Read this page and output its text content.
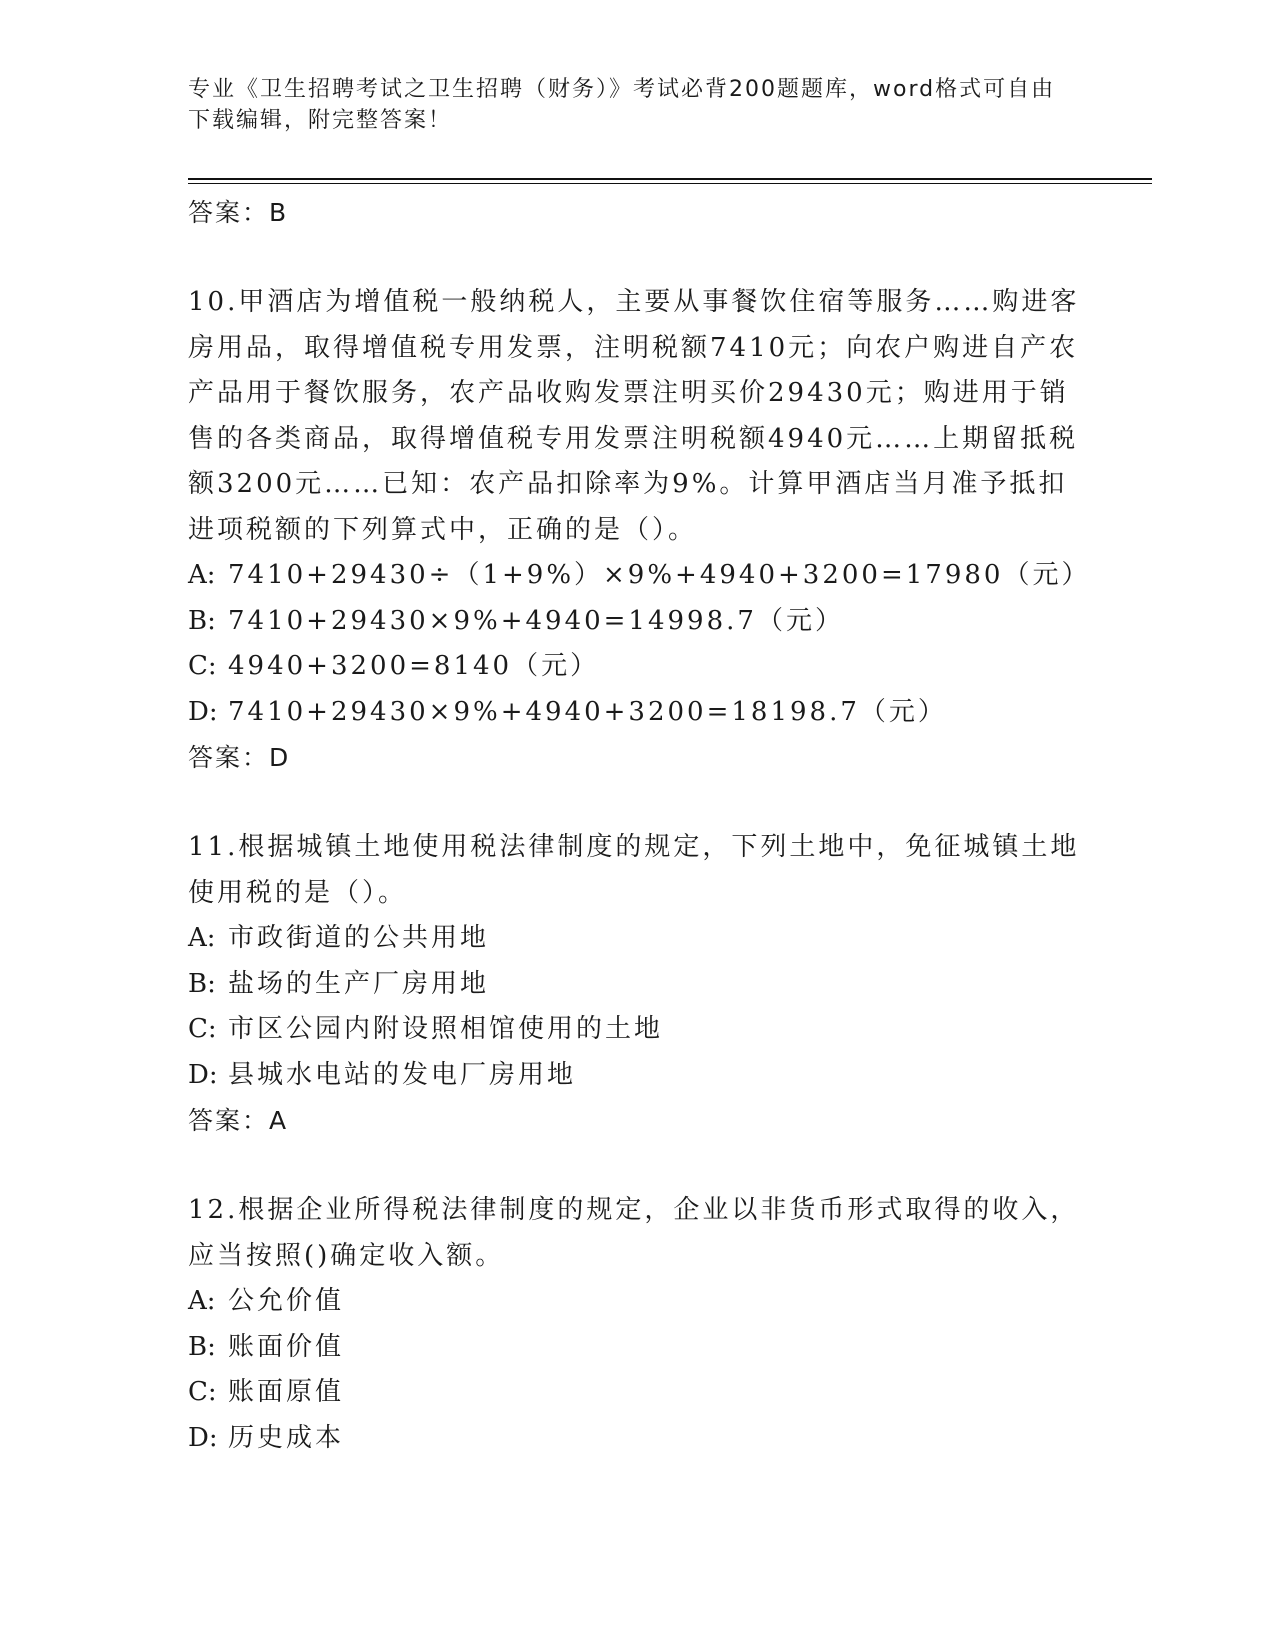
专业《卫生招聘考试之卫生招聘（财务）》考试必背200题题库，word格式可自由下载编辑，附完整答案！
答案：B

10.甲酒店为增值税一般纳税人，主要从事餐饮住宿等服务……购进客房用品，取得增值税专用发票，注明税额7410元；向农户购进自产农产品用于餐饮服务，农产品收购发票注明买价29430元；购进用于销售的各类商品，取得增值税专用发票注明税额4940元……上期留抵税额3200元……已知：农产品扣除率为9%。计算甲酒店当月准予抵扣进项税额的下列算式中，正确的是（）。

A: 7410+29430÷（1+9%）×9%+4940+3200=17980（元）

B: 7410+29430×9%+4940=14998.7（元）

C: 4940+3200=8140（元）

D: 7410+29430×9%+4940+3200=18198.7（元）

答案：D

11.根据城镇土地使用税法律制度的规定，下列土地中，免征城镇土地使用税的是（）。

A: 市政街道的公共用地

B: 盐场的生产厂房用地

C: 市区公园内附设照相馆使用的土地

D: 县城水电站的发电厂房用地

答案：A

12.根据企业所得税法律制度的规定，企业以非货币形式取得的收入，应当按照()确定收入额。

A: 公允价值

B: 账面价值

C: 账面原值

D: 历史成本
